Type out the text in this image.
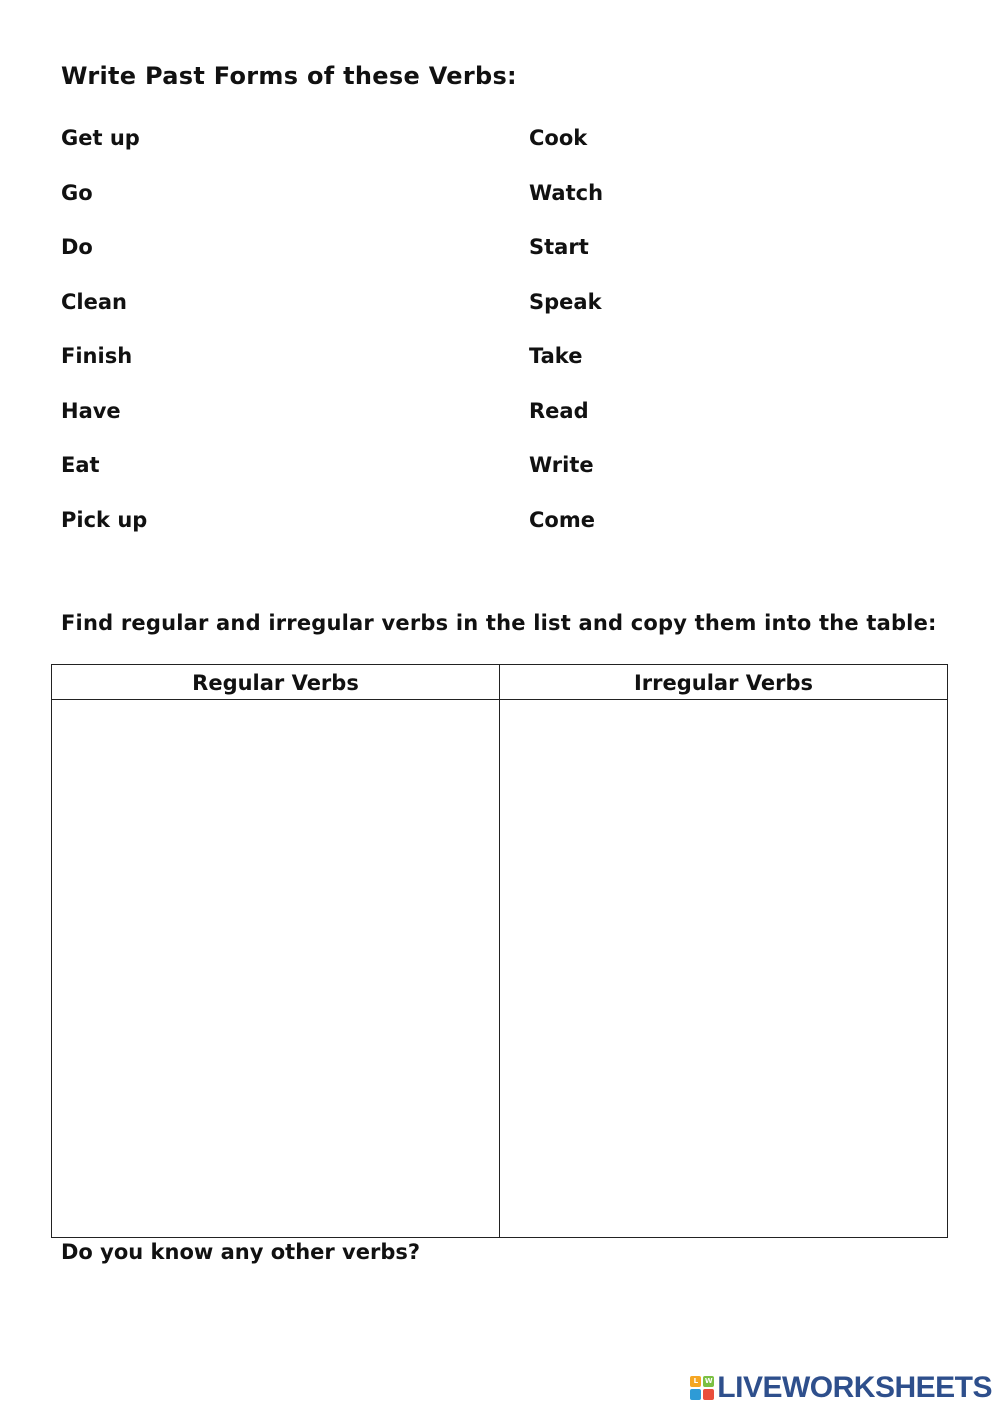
Write Past Forms of these Verbs:
Get up
Go
Do
Clean
Finish
Have
Eat
Pick up
Cook
Watch
Start
Speak
Take
Read
Write
Come
Find regular and irregular verbs in the list and copy them into the table:
Regular Verbs	Irregular Verbs
Do you know any other verbs?
L W LIVEWORKSHEETS
